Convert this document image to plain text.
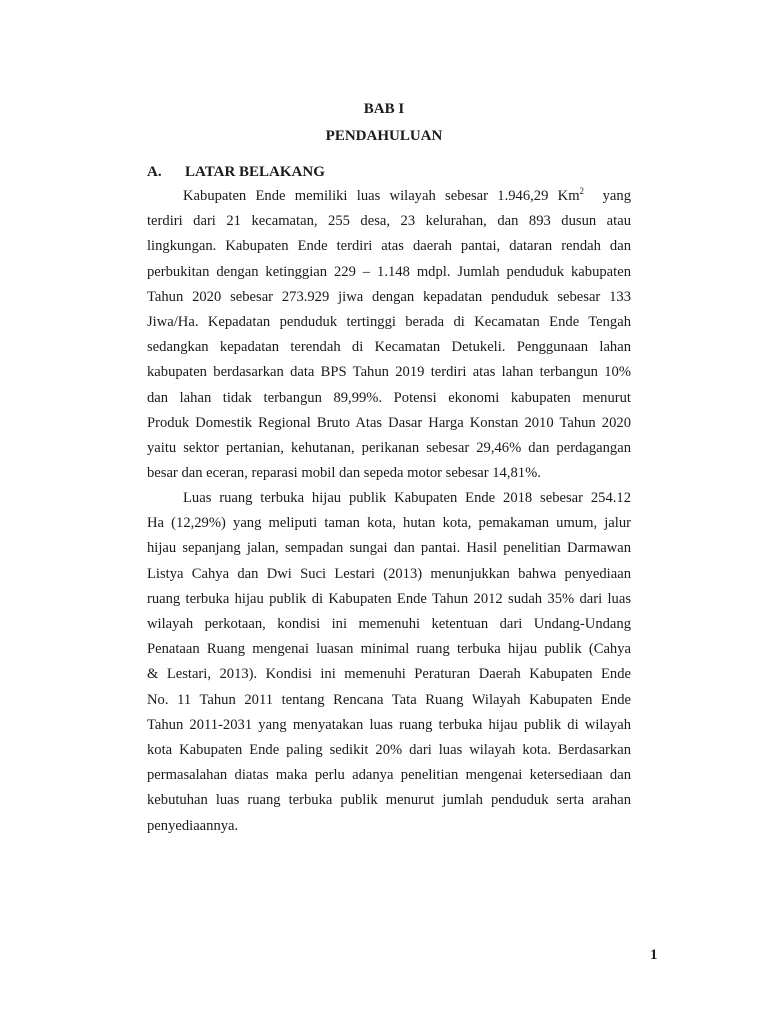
BAB I
PENDAHULUAN
A. LATAR BELAKANG
Kabupaten Ende memiliki luas wilayah sebesar 1.946,29 Km$^2$ yang
terdiri dari 21 kecamatan, 255 desa, 23 kelurahan, dan 893 dusun atau
lingkungan. Kabupaten Ende terdiri atas daerah pantai, dataran rendah dan
perbukitan dengan ketinggian 229 – 1.148 mdpl. Jumlah penduduk kabupaten
Tahun 2020 sebesar 273.929 jiwa dengan kepadatan penduduk sebesar 133
Jiwa/Ha. Kepadatan penduduk tertinggi berada di Kecamatan Ende Tengah
sedangkan kepadatan terendah di Kecamatan Detukeli. Penggunaan lahan
kabupaten berdasarkan data BPS Tahun 2019 terdiri atas lahan terbangun 10%
dan lahan tidak terbangun 89,99%. Potensi ekonomi kabupaten menurut
Produk Domestik Regional Bruto Atas Dasar Harga Konstan 2010 Tahun 2020
yaitu sektor pertanian, kehutanan, perikanan sebesar 29,46% dan perdagangan
besar dan eceran, reparasi mobil dan sepeda motor sebesar 14,81%.
Luas ruang terbuka hijau publik Kabupaten Ende 2018 sebesar 254.12
Ha (12,29%) yang meliputi taman kota, hutan kota, pemakaman umum, jalur
hijau sepanjang jalan, sempadan sungai dan pantai. Hasil penelitian Darmawan
Listya Cahya dan Dwi Suci Lestari (2013) menunjukkan bahwa penyediaan
ruang terbuka hijau publik di Kabupaten Ende Tahun 2012 sudah 35% dari luas
wilayah perkotaan, kondisi ini memenuhi ketentuan dari Undang-Undang
Penataan Ruang mengenai luasan minimal ruang terbuka hijau publik (Cahya
& Lestari, 2013). Kondisi ini memenuhi Peraturan Daerah Kabupaten Ende
No. 11 Tahun 2011 tentang Rencana Tata Ruang Wilayah Kabupaten Ende
Tahun 2011-2031 yang menyatakan luas ruang terbuka hijau publik di wilayah
kota Kabupaten Ende paling sedikit 20% dari luas wilayah kota. Berdasarkan
permasalahan diatas maka perlu adanya penelitian mengenai ketersediaan dan
kebutuhan luas ruang terbuka publik menurut jumlah penduduk serta arahan
penyediaannya.
1
